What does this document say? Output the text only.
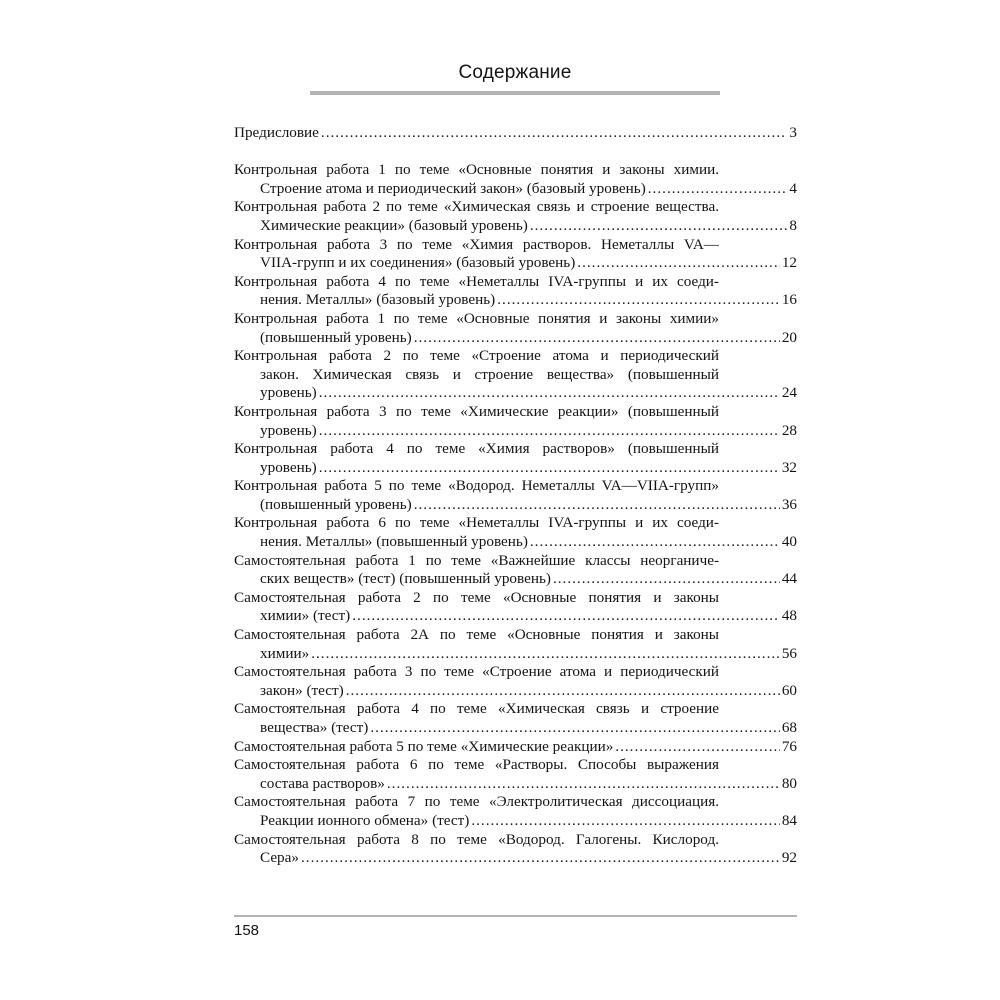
Содержание
Предисловие . . .	3
Контрольная работа 1 по теме «Основные понятия и законы химии.
Строение атома и периодический закон» (базовый уровень) . . .	4
Контрольная работа 2 по теме «Химическая связь и строение вещества.
Химические реакции» (базовый уровень) . . .	8
Контрольная работа 3 по теме «Химия растворов. Неметаллы VA—
VIIA-групп и их соединения» (базовый уровень) . . .	12
Контрольная работа 4 по теме «Неметаллы IVA-группы и их соеди-
нения. Металлы» (базовый уровень) . . .	16
Контрольная работа 1 по теме «Основные понятия и законы химии»
(повышенный уровень) . . .	20
Контрольная работа 2 по теме «Строение атома и периодический
закон. Химическая связь и строение вещества» (повышенный
уровень) . . .	24
Контрольная работа 3 по теме «Химические реакции» (повышенный
уровень) . . .	28
Контрольная работа 4 по теме «Химия растворов» (повышенный
уровень) . . .	32
Контрольная работа 5 по теме «Водород. Неметаллы VA—VIIA-групп»
(повышенный уровень) . . .	36
Контрольная работа 6 по теме «Неметаллы IVA-группы и их соеди-
нения. Металлы» (повышенный уровень) . . .	40
Самостоятельная работа 1 по теме «Важнейшие классы неорганиче-
ских веществ» (тест) (повышенный уровень) . . .	44
Самостоятельная работа 2 по теме «Основные понятия и законы
химии» (тест) . . .	48
Самостоятельная работа 2А по теме «Основные понятия и законы
химии» . . .	56
Самостоятельная работа 3 по теме «Строение атома и периодический
закон» (тест) . . .	60
Самостоятельная работа 4 по теме «Химическая связь и строение
вещества» (тест) . . .	68
Самостоятельная работа 5 по теме «Химические реакции» . . .	76
Самостоятельная работа 6 по теме «Растворы. Способы выражения
состава растворов» . . .	80
Самостоятельная работа 7 по теме «Электролитическая диссоциация.
Реакции ионного обмена» (тест) . . .	84
Самостоятельная работа 8 по теме «Водород. Галогены. Кислород.
Сера» . . .	92
158
